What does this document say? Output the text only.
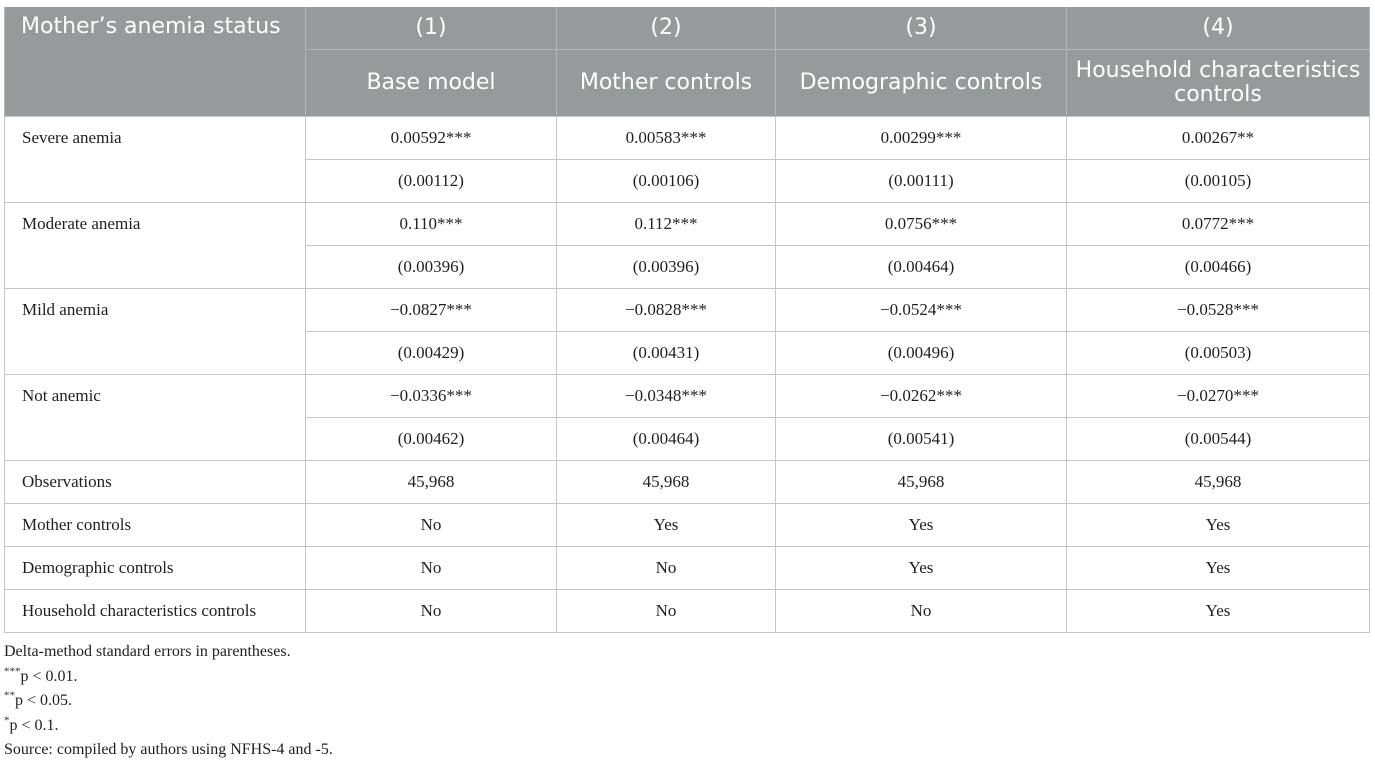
Mother’s anemia status	(1)	(2)	(3)	(4)
	Base model	Mother controls	Demographic controls	Household characteristics controls
Severe anemia	0.00592***	0.00583***	0.00299***	0.00267**
	(0.00112)	(0.00106)	(0.00111)	(0.00105)
Moderate anemia	0.110***	0.112***	0.0756***	0.0772***
	(0.00396)	(0.00396)	(0.00464)	(0.00466)
Mild anemia	−0.0827***	−0.0828***	−0.0524***	−0.0528***
	(0.00429)	(0.00431)	(0.00496)	(0.00503)
Not anemic	−0.0336***	−0.0348***	−0.0262***	−0.0270***
	(0.00462)	(0.00464)	(0.00541)	(0.00544)
Observations	45,968	45,968	45,968	45,968
Mother controls	No	Yes	Yes	Yes
Demographic controls	No	No	Yes	Yes
Household characteristics controls	No	No	No	Yes
Delta-method standard errors in parentheses.
***p < 0.01.
**p < 0.05.
*p < 0.1.
Source: compiled by authors using NFHS-4 and -5.
